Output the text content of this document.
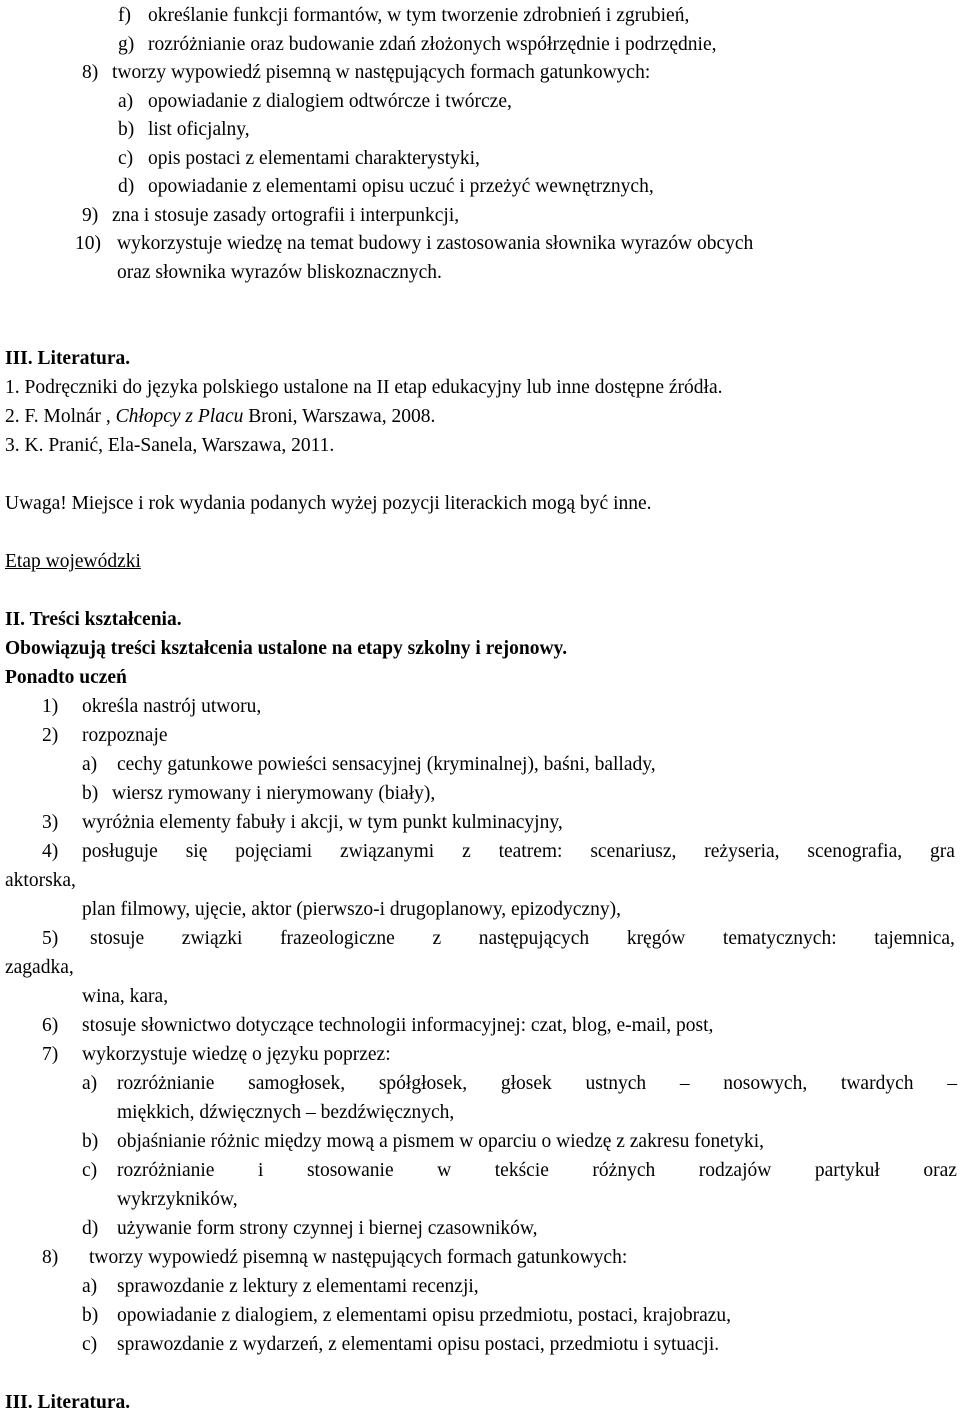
f) określanie funkcji formantów, w tym tworzenie zdrobnień i zgrubień,
g) rozróżnianie oraz budowanie zdań złożonych współrzędnie i podrzędnie,
8) tworzy wypowiedź pisemną w następujących formach gatunkowych:
a) opowiadanie z dialogiem odtwórcze i twórcze,
b) list oficjalny,
c) opis postaci z elementami charakterystyki,
d) opowiadanie z elementami opisu uczuć i przeżyć wewnętrznych,
9) zna i stosuje zasady ortografii i interpunkcji,
10) wykorzystuje wiedzę na temat budowy i zastosowania słownika wyrazów obcych
oraz słownika wyrazów bliskoznacznych.
III. Literatura.
1. Podręczniki do języka polskiego ustalone na II etap edukacyjny lub inne dostępne źródła.
2. F. Molnár , Chłopcy z Placu Broni, Warszawa, 2008.
3. K. Pranić, Ela-Sanela, Warszawa, 2011.
Uwaga! Miejsce i rok wydania podanych wyżej pozycji literackich mogą być inne.
Etap wojewódzki
II. Treści kształcenia.
Obowiązują treści kształcenia ustalone na etapy szkolny i rejonowy.
Ponadto uczeń
1) określa nastrój utworu,
2) rozpoznaje
a) cechy gatunkowe powieści sensacyjnej (kryminalnej), baśni, ballady,
b) wiersz rymowany i nierymowany (biały),
3) wyróżnia elementy fabuły i akcji, w tym punkt kulminacyjny,
4)	posługuje się pojęciami związanymi z teatrem: scenariusz, reżyseria, scenografia, gra
aktorska,
plan filmowy, ujęcie, aktor (pierwszo-i drugoplanowy, epizodyczny),
5)	stosuje związki frazeologiczne z następujących kręgów tematycznych: tajemnica,
zagadka,
wina, kara,
6) stosuje słownictwo dotyczące technologii informacyjnej: czat, blog, e-mail, post,
7) wykorzystuje wiedzę o języku poprzez:
a)	rozróżnianie samogłosek, spółgłosek, głosek ustnych – nosowych, twardych –
miękkich, dźwięcznych – bezdźwięcznych,
b) objaśnianie różnic między mową a pismem w oparciu o wiedzę z zakresu fonetyki,
c)	rozróżnianie i stosowanie w tekście różnych rodzajów partykuł oraz
wykrzykników,
d) używanie form strony czynnej i biernej czasowników,
8) tworzy wypowiedź pisemną w następujących formach gatunkowych:
a) sprawozdanie z lektury z elementami recenzji,
b) opowiadanie z dialogiem, z elementami opisu przedmiotu, postaci, krajobrazu,
c) sprawozdanie z wydarzeń, z elementami opisu postaci, przedmiotu i sytuacji.
III. Literatura.
